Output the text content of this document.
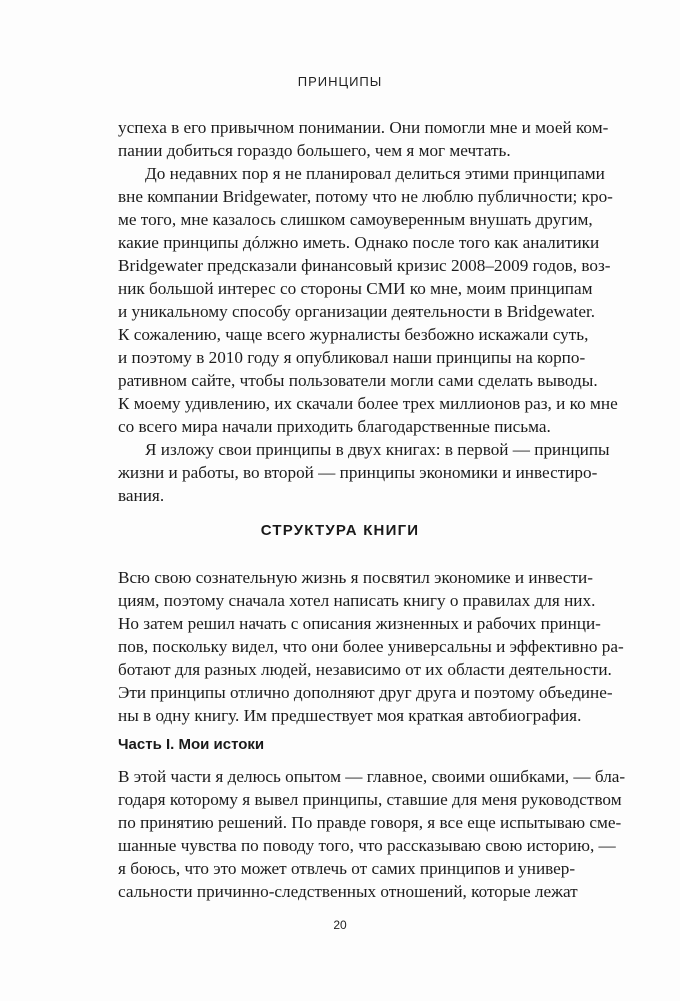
ПРИНЦИПЫ
успеха в его привычном понимании. Они помогли мне и моей ком-
пании добиться гораздо большего, чем я мог мечтать.
До недавних пор я не планировал делиться этими принципами
вне компании Bridgewater, потому что не люблю публичности; кро-
ме того, мне казалось слишком самоуверенным внушать другим,
какие принципы дóлжно иметь. Однако после того как аналитики
Bridgewater предсказали финансовый кризис 2008–2009 годов, воз-
ник большой интерес со стороны СМИ ко мне, моим принципам
и уникальному способу организации деятельности в Bridgewater.
К сожалению, чаще всего журналисты безбожно искажали суть,
и поэтому в 2010 году я опубликовал наши принципы на корпо-
ративном сайте, чтобы пользователи могли сами сделать выводы.
К моему удивлению, их скачали более трех миллионов раз, и ко мне
со всего мира начали приходить благодарственные письма.
Я изложу свои принципы в двух книгах: в первой — принципы
жизни и работы, во второй — принципы экономики и инвестиро-
вания.
СТРУКТУРА КНИГИ
Всю свою сознательную жизнь я посвятил экономике и инвести-
циям, поэтому сначала хотел написать книгу о правилах для них.
Но затем решил начать с описания жизненных и рабочих принци-
пов, поскольку видел, что они более универсальны и эффективно ра-
ботают для разных людей, независимо от их области деятельности.
Эти принципы отлично дополняют друг друга и поэтому объедине-
ны в одну книгу. Им предшествует моя краткая автобиография.
Часть I. Мои истоки
В этой части я делюсь опытом — главное, своими ошибками, — бла-
годаря которому я вывел принципы, ставшие для меня руководством
по принятию решений. По правде говоря, я все еще испытываю сме-
шанные чувства по поводу того, что рассказываю свою историю, —
я боюсь, что это может отвлечь от самих принципов и универ-
сальности причинно-следственных отношений, которые лежат
20
